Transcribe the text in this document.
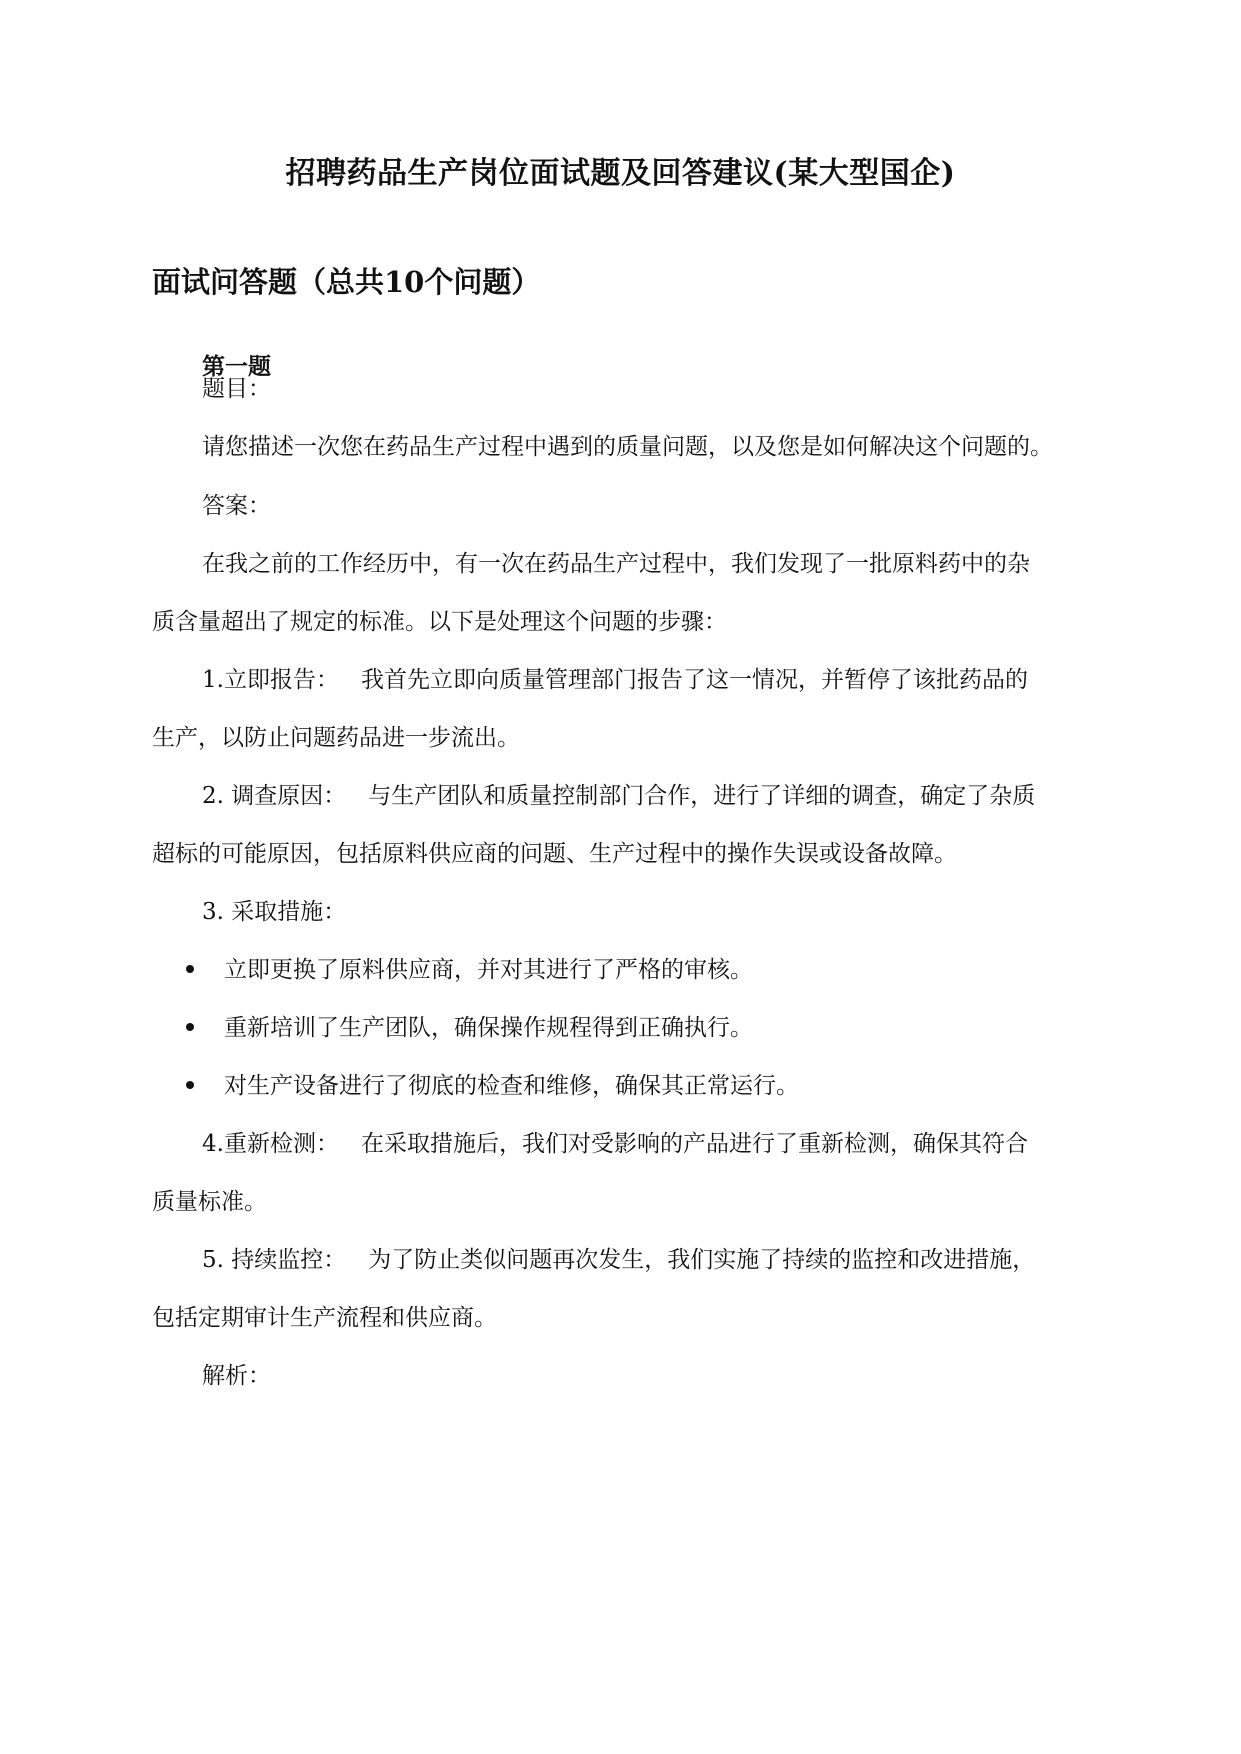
招聘药品生产岗位面试题及回答建议(某大型国企)
面试问答题（总共10个问题）
第一题
题目：
请您描述一次您在药品生产过程中遇到的质量问题，以及您是如何解决这个问题的。
答案：
在我之前的工作经历中，有一次在药品生产过程中，我们发现了一批原料药中的杂
质含量超出了规定的标准。以下是处理这个问题的步骤：
1.立即报告： 我首先立即向质量管理部门报告了这一情况，并暂停了该批药品的
生产，以防止问题药品进一步流出。
2. 调查原因： 与生产团队和质量控制部门合作，进行了详细的调查，确定了杂质
超标的可能原因，包括原料供应商的问题、生产过程中的操作失误或设备故障。
3. 采取措施：
立即更换了原料供应商，并对其进行了严格的审核。
重新培训了生产团队，确保操作规程得到正确执行。
对生产设备进行了彻底的检查和维修，确保其正常运行。
4.重新检测： 在采取措施后，我们对受影响的产品进行了重新检测，确保其符合
质量标准。
5. 持续监控： 为了防止类似问题再次发生，我们实施了持续的监控和改进措施，
包括定期审计生产流程和供应商。
解析：
